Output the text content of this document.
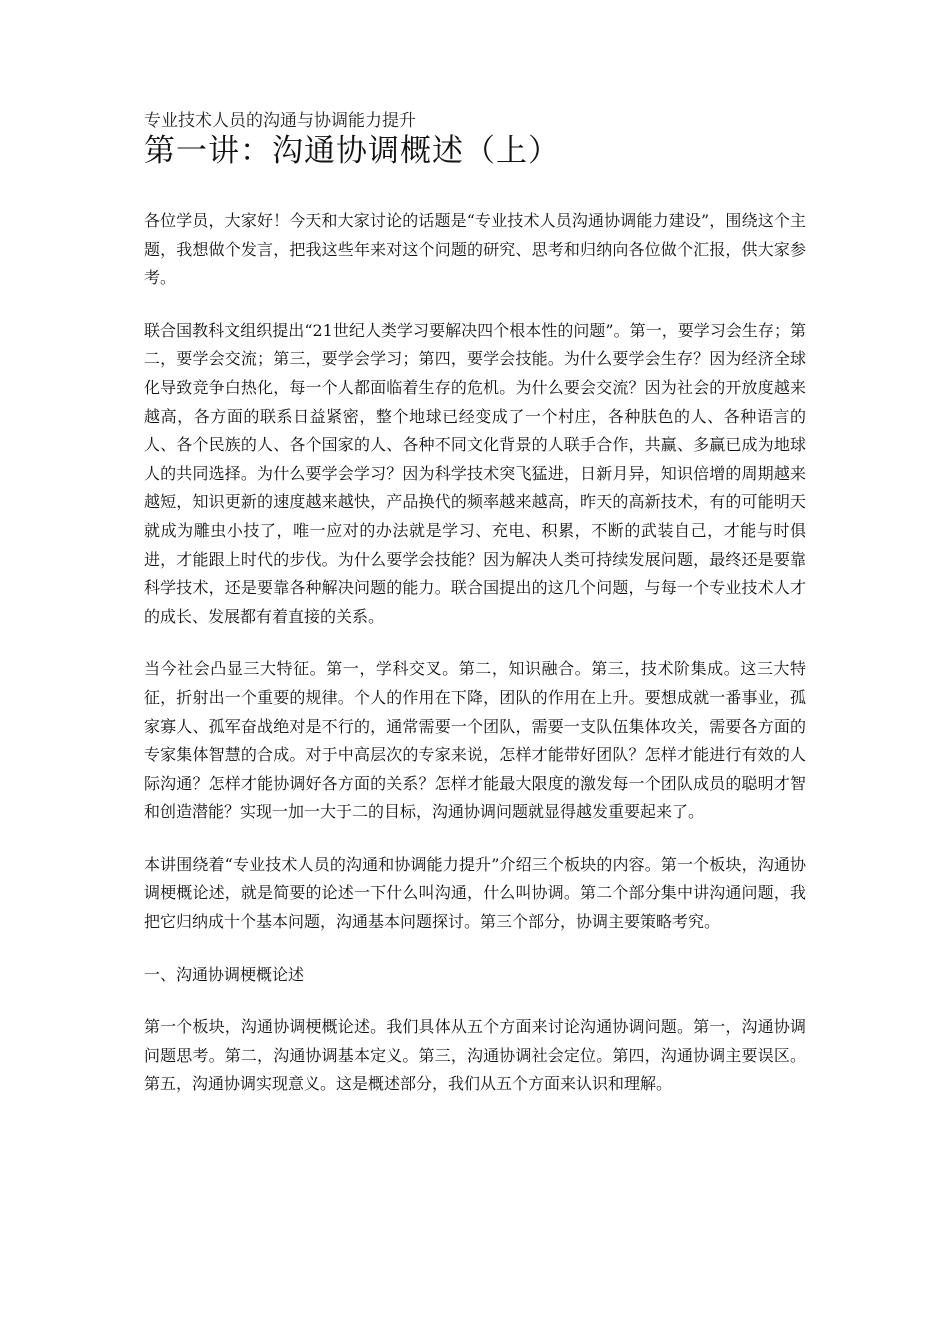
专业技术人员的沟通与协调能力提升

第一讲：沟通协调概述（上）

各位学员，大家好！今天和大家讨论的话题是“专业技术人员沟通协调能力建设”，围绕这个主题，我想做个发言，把我这些年来对这个问题的研究、思考和归纳向各位做个汇报，供大家参考。

联合国教科文组织提出“21世纪人类学习要解决四个根本性的问题”。第一，要学习会生存；第二，要学会交流；第三，要学会学习；第四，要学会技能。为什么要学会生存？因为经济全球化导致竞争白热化，每一个人都面临着生存的危机。为什么要会交流？因为社会的开放度越来越高，各方面的联系日益紧密，整个地球已经变成了一个村庄，各种肤色的人、各种语言的人、各个民族的人、各个国家的人、各种不同文化背景的人联手合作，共赢、多赢已成为地球人的共同选择。为什么要学会学习？因为科学技术突飞猛进，日新月异，知识倍增的周期越来越短，知识更新的速度越来越快，产品换代的频率越来越高，昨天的高新技术，有的可能明天就成为雕虫小技了，唯一应对的办法就是学习、充电、积累，不断的武装自己，才能与时俱进，才能跟上时代的步伐。为什么要学会技能？因为解决人类可持续发展问题，最终还是要靠科学技术，还是要靠各种解决问题的能力。联合国提出的这几个问题，与每一个专业技术人才的成长、发展都有着直接的关系。

当今社会凸显三大特征。第一，学科交叉。第二，知识融合。第三，技术阶集成。这三大特征，折射出一个重要的规律。个人的作用在下降，团队的作用在上升。要想成就一番事业，孤家寡人、孤军奋战绝对是不行的，通常需要一个团队，需要一支队伍集体攻关，需要各方面的专家集体智慧的合成。对于中高层次的专家来说，怎样才能带好团队？怎样才能进行有效的人际沟通？怎样才能协调好各方面的关系？怎样才能最大限度的激发每一个团队成员的聪明才智和创造潜能？实现一加一大于二的目标，沟通协调问题就显得越发重要起来了。

本讲围绕着“专业技术人员的沟通和协调能力提升”介绍三个板块的内容。第一个板块，沟通协调梗概论述，就是简要的论述一下什么叫沟通，什么叫协调。第二个部分集中讲沟通问题，我把它归纳成十个基本问题，沟通基本问题探讨。第三个部分，协调主要策略考究。

一、沟通协调梗概论述

第一个板块，沟通协调梗概论述。我们具体从五个方面来讨论沟通协调问题。第一，沟通协调问题思考。第二，沟通协调基本定义。第三，沟通协调社会定位。第四，沟通协调主要误区。第五，沟通协调实现意义。这是概述部分，我们从五个方面来认识和理解。
